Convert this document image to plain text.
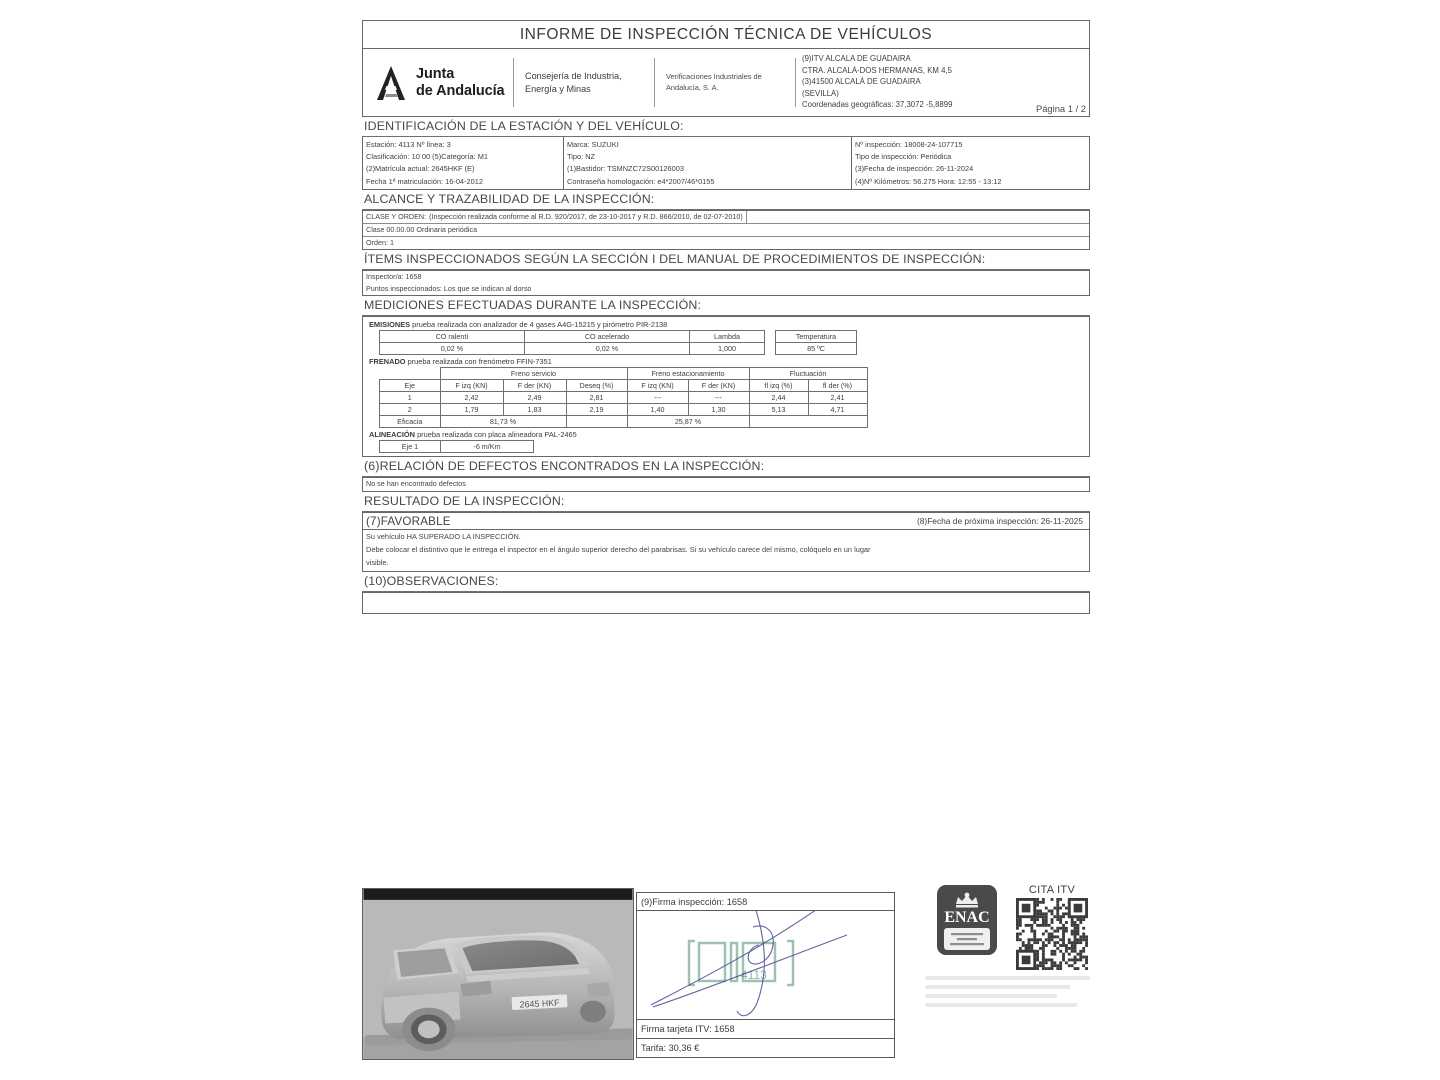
INFORME DE INSPECCIÓN TÉCNICA DE VEHÍCULOS
Junta
de Andalucía
Consejería de Industria,
Energía y Minas
Verificaciones Industriales de
Andalucía, S. A.
(9)ITV ALCALA DE GUADAIRA
CTRA. ALCALÁ-DOS HERMANAS, KM 4,5
(3)41500 ALCALÁ DE GUADAIRA
(SEVILLA)
Coordenadas geográficas: 37,3072 -5,8899
IDENTIFICACIÓN DE LA ESTACIÓN Y DEL VEHÍCULO:
Página 1 / 2
Estación: 4113 Nº línea: 3
Clasificación: 10 00 (5)Categoría: M1
(2)Matrícula actual: 2645HKF (E)
Fecha 1ª matriculación: 16-04-2012
Marca: SUZUKI
Tipo: NZ
(1)Bastidor: TSMNZC72S00126003
Contraseña homologación: e4*2007/46*0155
Nº inspección: 18008-24-107715
Tipo de inspección: Periódica
(3)Fecha de inspección: 26-11-2024
(4)Nº Kilómetros: 56.275 Hora: 12:55 - 13:12
ALCANCE Y TRAZABILIDAD DE LA INSPECCIÓN:
CLASE Y ORDEN: (Inspección realizada conforme al R.D. 920/2017, de 23-10-2017 y R.D. 866/2010, de 02-07-2010)
Clase 00.00.00 Ordinaria periódica
Orden: 1
ÍTEMS INSPECCIONADOS SEGÚN LA SECCIÓN I DEL MANUAL DE PROCEDIMIENTOS DE INSPECCIÓN:
Inspector/a: 1658
Puntos inspeccionados: Los que se indican al dorso
MEDICIONES EFECTUADAS DURANTE LA INSPECCIÓN:
EMISIONES prueba realizada con analizador de 4 gases A4G-15215 y pirómetro PIR-2138
CO ralentí	CO acelerado	Lambda		Temperatura
0,02 %	0,02 %	1,000		85 ºC
FRENADO prueba realizada con frenómetro FFIN-7351
	Freno servicio			Freno estacionamiento		Fluctuación	
Eje	F izq (KN)	F der (KN)	Deseq (%)	F izq (KN)	F der (KN)	fl izq (%)	fl der (%)
1	2,42	2,49	2,81	---	---	2,44	2,41
2	1,79	1,83	2,19	1,40	1,30	5,13	4,71
Eficacia	81,73 %			25,87 %			
ALINEACIÓN prueba realizada con placa alineadora PAL-2465
Eje 1	-6 m/Km
(6)RELACIÓN DE DEFECTOS ENCONTRADOS EN LA INSPECCIÓN:
No se han encontrado defectos
RESULTADO DE LA INSPECCIÓN:
(7)FAVORABLE	(8)Fecha de próxima inspección: 26-11-2025
Su vehículo HA SUPERADO LA INSPECCIÓN.
Debe colocar el distintivo que le entrega el inspector en el ángulo superior derecho del parabrisas. Si su vehículo carece del mismo, colóquelo en un lugar
visible.
(10)OBSERVACIONES:
2645 HKF
(9)Firma inspección: 1658
4113
Firma tarjeta ITV: 1658
Tarifa: 30,36 €
ENAC
CITA ITV
